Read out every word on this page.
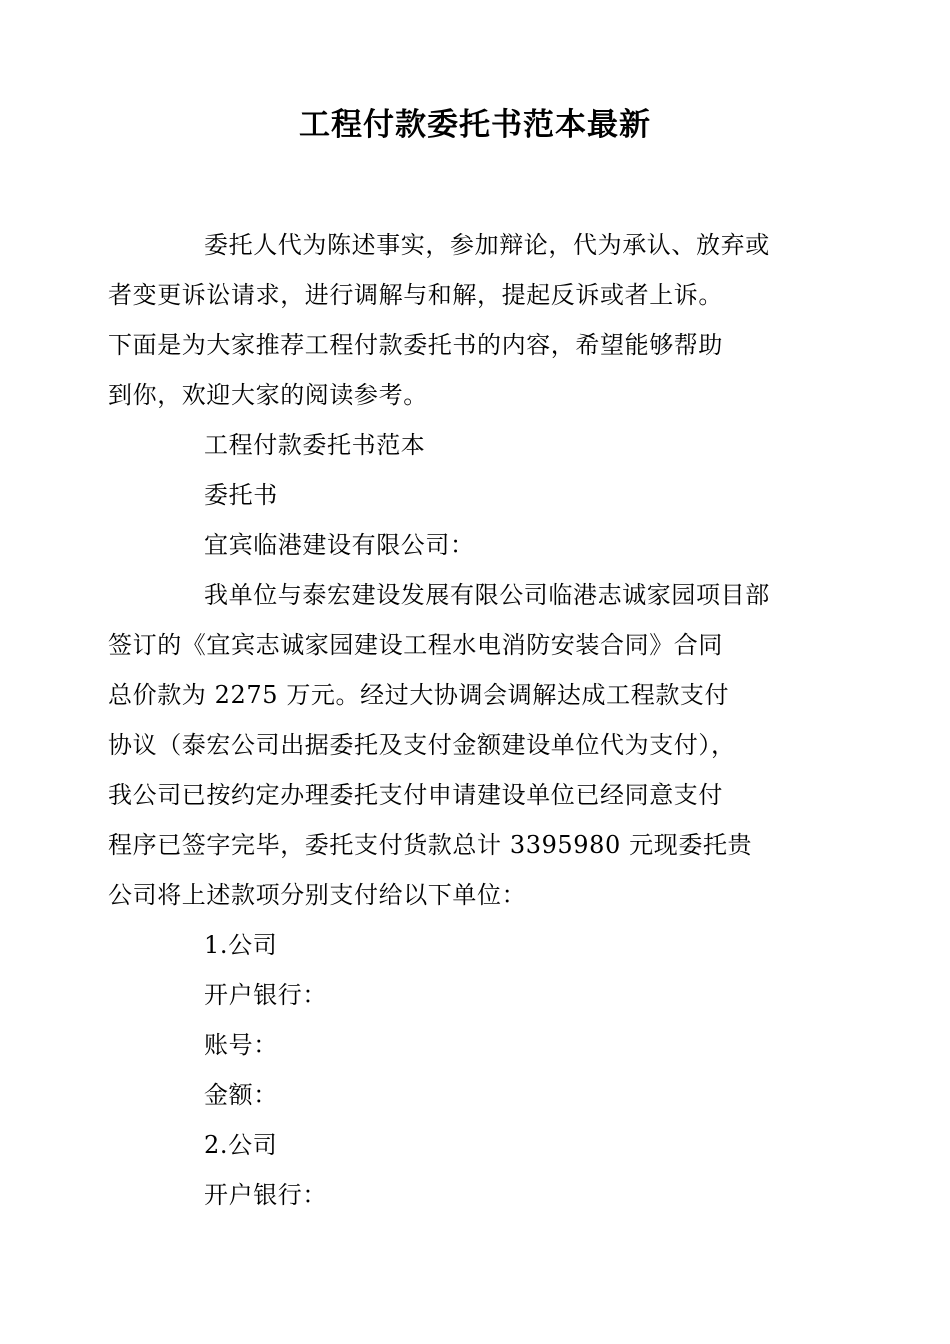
工程付款委托书范本最新

委托人代为陈述事实，参加辩论，代为承认、放弃或
者变更诉讼请求，进行调解与和解，提起反诉或者上诉。
下面是为大家推荐工程付款委托书的内容，希望能够帮助
到你，欢迎大家的阅读参考。

工程付款委托书范本

委托书

宜宾临港建设有限公司：

我单位与泰宏建设发展有限公司临港志诚家园项目部
签订的《宜宾志诚家园建设工程水电消防安装合同》合同
总价款为 2275 万元。经过大协调会调解达成工程款支付
协议（泰宏公司出据委托及支付金额建设单位代为支付），
我公司已按约定办理委托支付申请建设单位已经同意支付
程序已签字完毕，委托支付货款总计 3395980 元现委托贵
公司将上述款项分别支付给以下单位：

1.公司

开户银行：

账号：

金额：

2.公司

开户银行：
